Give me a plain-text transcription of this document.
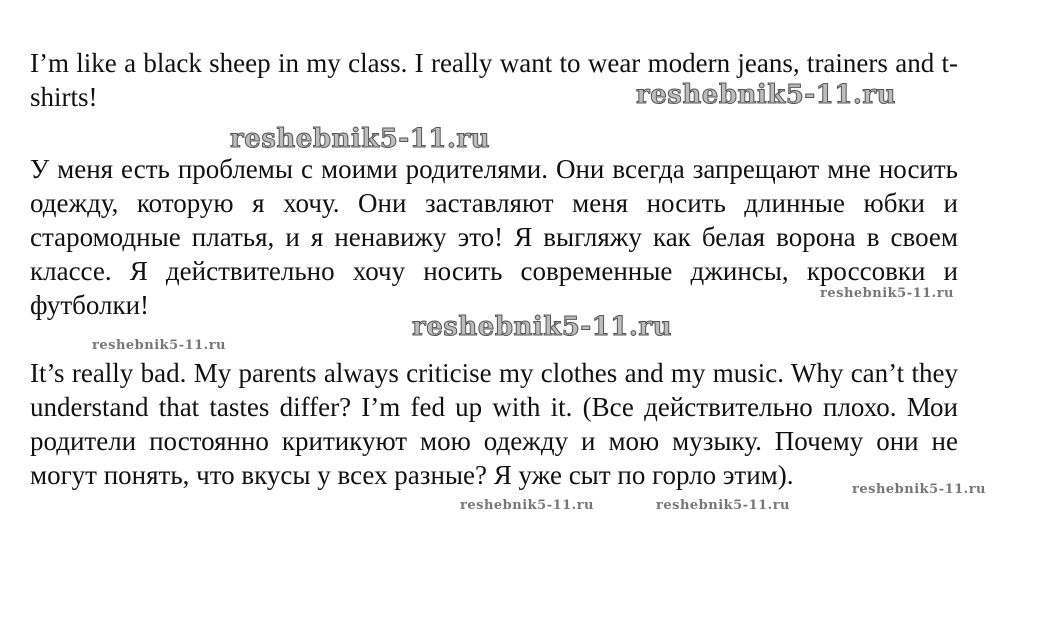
I’m like a black sheep in my class. I really want to wear modern jeans, trainers and t-shirts!

У меня есть проблемы с моими родителями. Они всегда запрещают мне носить одежду, которую я хочу. Они заставляют меня носить длинные юбки и старомодные платья, и я ненавижу это! Я выгляжу как белая ворона в своем классе. Я действительно хочу носить современные джинсы, кроссовки и футболки!

It’s really bad. My parents always criticise my clothes and my music. Why can’t they understand that tastes differ? I’m fed up with it. (Все действительно плохо. Мои родители постоянно критикуют мою одежду и мою музыку. Почему они не могут понять, что вкусы у всех разные? Я уже сыт по горло этим).

reshebnik5-11.ru
reshebnik5-11.ru
reshebnik5-11.ru
reshebnik5-11.ru
reshebnik5-11.ru
reshebnik5-11.ru
reshebnik5-11.ru	reshebnik5-11.ru
